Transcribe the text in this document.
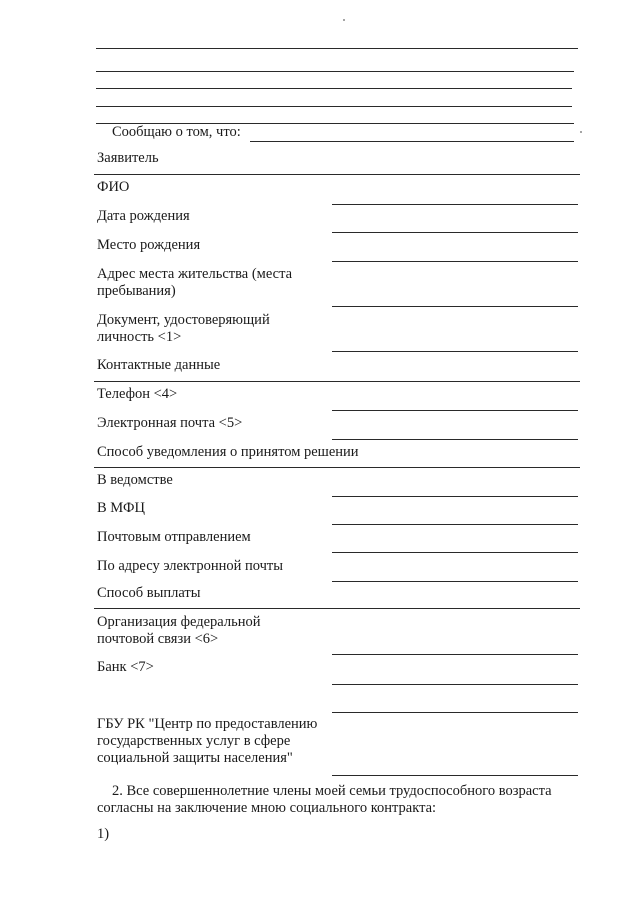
Сообщаю о том, что:
Заявитель
ФИО
Дата рождения
Место рождения
Адрес места жительства (места пребывания)
Документ, удостоверяющий личность <1>
Контактные данные
Телефон <4>
Электронная почта <5>
Способ уведомления о принятом решении
В ведомстве
В МФЦ
Почтовым отправлением
По адресу электронной почты
Способ выплаты
Организация федеральной почтовой связи <6>
Банк <7>
ГБУ РК "Центр по предоставлению государственных услуг в сфере социальной защиты населения"
2. Все совершеннолетние члены моей семьи трудоспособного возраста согласны на заключение мною социального контракта:
1)
